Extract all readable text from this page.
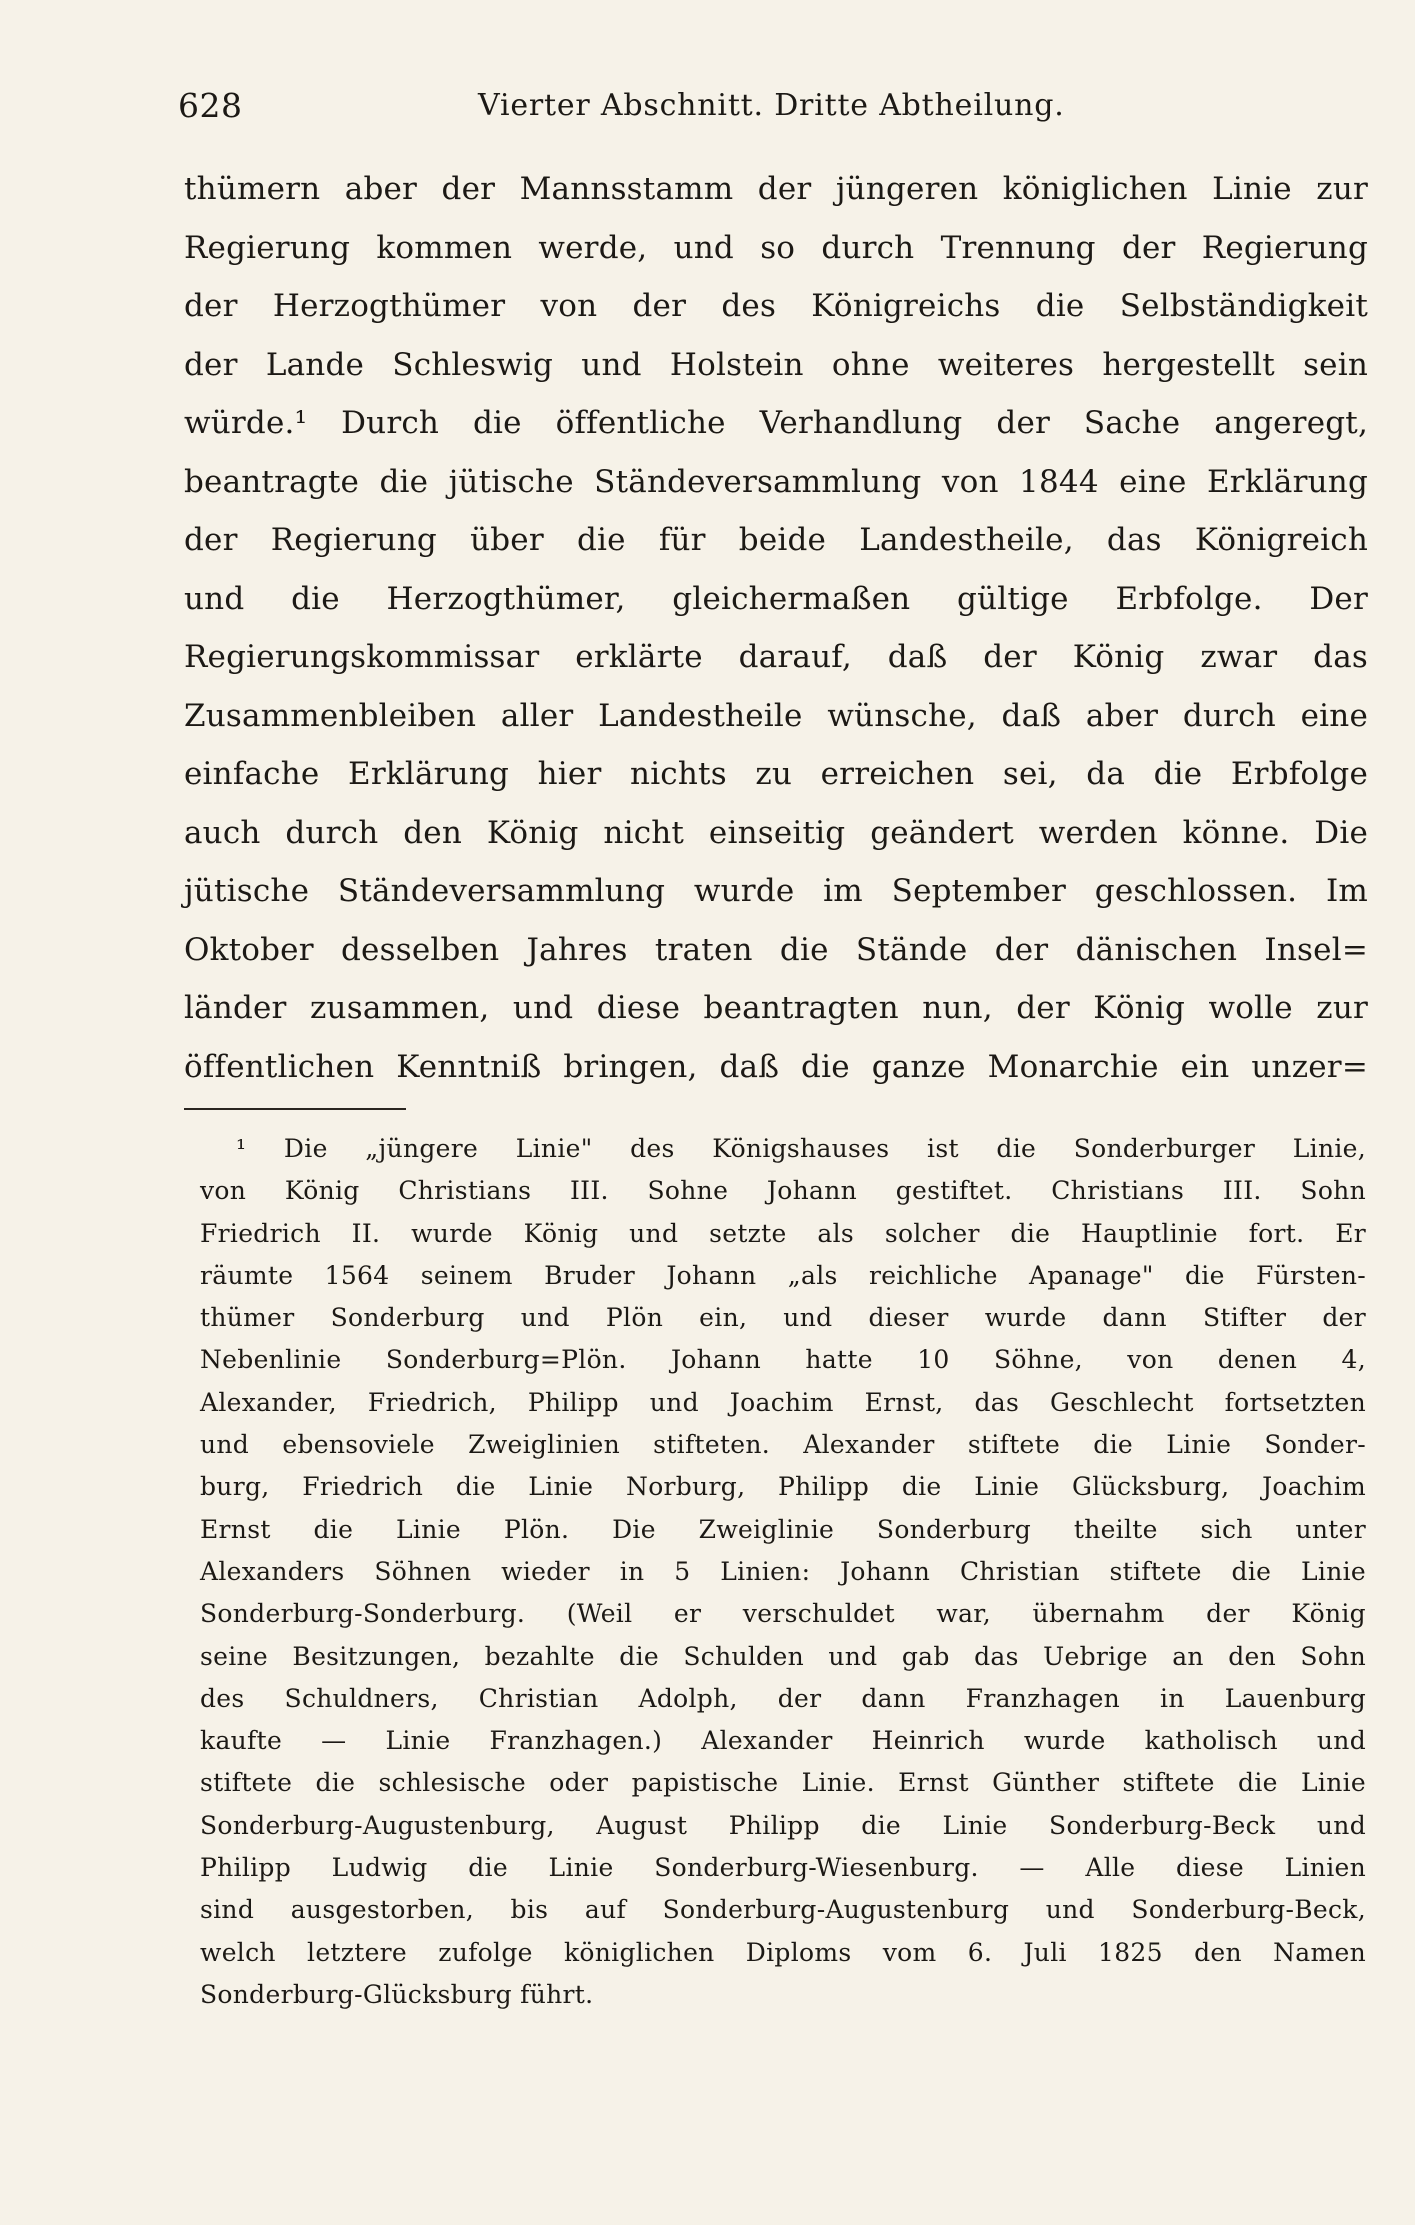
628	Vierter Abschnitt. Dritte Abtheilung.
thümern aber der Mannsstamm der jüngeren königlichen Linie zur
Regierung kommen werde, und so durch Trennung der Regierung
der Herzogthümer von der des Königreichs die Selbständigkeit
der Lande Schleswig und Holstein ohne weiteres hergestellt sein
würde.¹ Durch die öffentliche Verhandlung der Sache angeregt,
beantragte die jütische Ständeversammlung von 1844 eine Erklärung
der Regierung über die für beide Landestheile, das Königreich
und die Herzogthümer, gleichermaßen gültige Erbfolge. Der
Regierungskommissar erklärte darauf, daß der König zwar das
Zusammenbleiben aller Landestheile wünsche, daß aber durch eine
einfache Erklärung hier nichts zu erreichen sei, da die Erbfolge
auch durch den König nicht einseitig geändert werden könne. Die
jütische Ständeversammlung wurde im September geschlossen. Im
Oktober desselben Jahres traten die Stände der dänischen Insel=
länder zusammen, und diese beantragten nun, der König wolle zur
öffentlichen Kenntniß bringen, daß die ganze Monarchie ein unzer=
¹ Die „jüngere Linie" des Königshauses ist die Sonderburger Linie,
von König Christians III. Sohne Johann gestiftet. Christians III. Sohn
Friedrich II. wurde König und setzte als solcher die Hauptlinie fort. Er
räumte 1564 seinem Bruder Johann „als reichliche Apanage" die Fürsten-
thümer Sonderburg und Plön ein, und dieser wurde dann Stifter der
Nebenlinie Sonderburg=Plön. Johann hatte 10 Söhne, von denen 4,
Alexander, Friedrich, Philipp und Joachim Ernst, das Geschlecht fortsetzten
und ebensoviele Zweiglinien stifteten. Alexander stiftete die Linie Sonder-
burg, Friedrich die Linie Norburg, Philipp die Linie Glücksburg, Joachim
Ernst die Linie Plön. Die Zweiglinie Sonderburg theilte sich unter
Alexanders Söhnen wieder in 5 Linien: Johann Christian stiftete die Linie
Sonderburg-Sonderburg. (Weil er verschuldet war, übernahm der König
seine Besitzungen, bezahlte die Schulden und gab das Uebrige an den Sohn
des Schuldners, Christian Adolph, der dann Franzhagen in Lauenburg
kaufte — Linie Franzhagen.) Alexander Heinrich wurde katholisch und
stiftete die schlesische oder papistische Linie. Ernst Günther stiftete die Linie
Sonderburg-Augustenburg, August Philipp die Linie Sonderburg-Beck und
Philipp Ludwig die Linie Sonderburg-Wiesenburg. — Alle diese Linien
sind ausgestorben, bis auf Sonderburg-Augustenburg und Sonderburg-Beck,
welch letztere zufolge königlichen Diploms vom 6. Juli 1825 den Namen
Sonderburg-Glücksburg führt.
